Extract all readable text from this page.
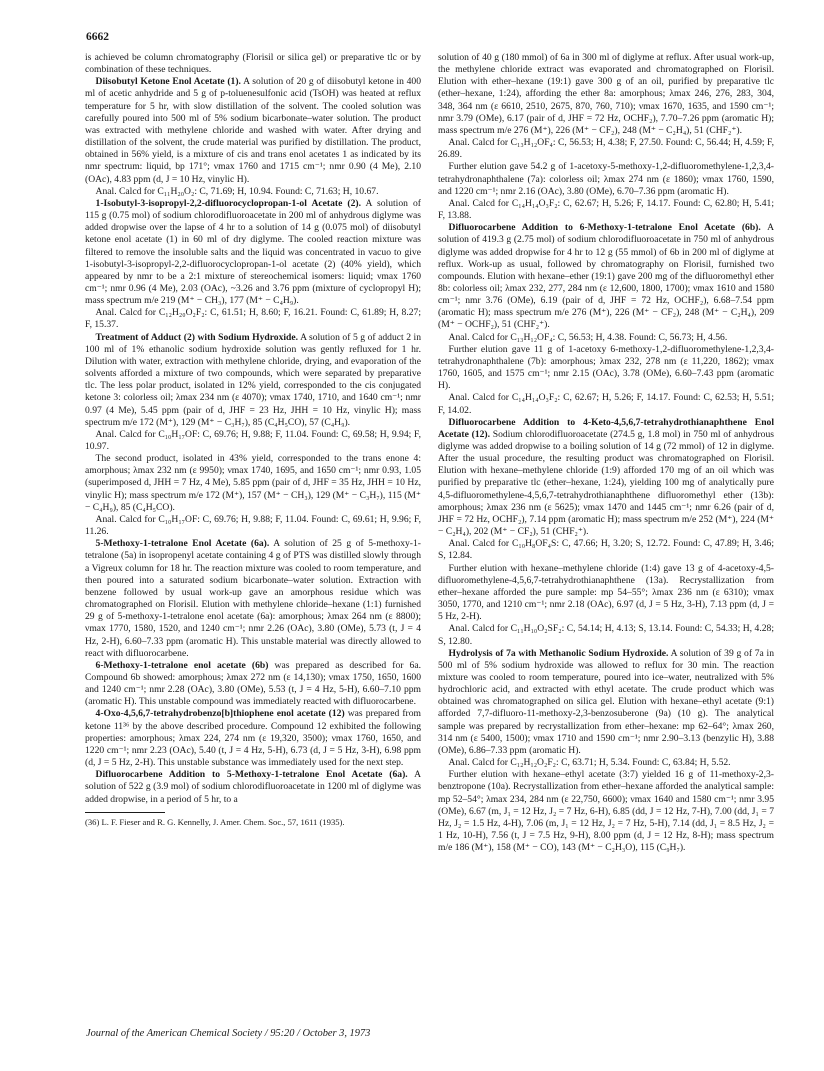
6662

is achieved be column chromatography (Florisil or silica gel) or preparative tlc or by combination of these techniques.

Diisobutyl Ketone Enol Acetate (1). A solution of 20 g of diisobutyl ketone in 400 ml of acetic anhydride and 5 g of p-toluenesulfonic acid (TsOH) was heated at reflux temperature for 5 hr, with slow distillation of the solvent. The cooled solution was carefully poured into 500 ml of 5% sodium bicarbonate–water solution. The product was extracted with methylene chloride and washed with water. After drying and distillation of the solvent, the crude material was purified by distillation. The product, obtained in 56% yield, is a mixture of cis and trans enol acetates 1 as indicated by its nmr spectrum: liquid, bp 171°; νmax 1760 and 1715 cm⁻¹; nmr 0.90 (4 Me), 2.10 (OAc), 4.83 ppm (d, J = 10 Hz, vinylic H).

Anal. Calcd for C₁₁H₂₀O₂: C, 71.69; H, 10.94. Found: C, 71.63; H, 10.67.

1-Isobutyl-3-isopropyl-2,2-difluorocyclopropan-1-ol Acetate (2). A solution of 115 g (0.75 mol) of sodium chlorodifluoroacetate in 200 ml of anhydrous diglyme was added dropwise over the lapse of 4 hr to a solution of 14 g (0.075 mol) of diisobutyl ketone enol acetate (1) in 60 ml of dry diglyme. The cooled reaction mixture was filtered to remove the insoluble salts and the liquid was concentrated in vacuo to give 1-isobutyl-3-isopropyl-2,2-difluorocyclopropan-1-ol acetate (2) (40% yield), which appeared by nmr to be a 2:1 mixture of stereochemical isomers: liquid; νmax 1760 cm⁻¹; nmr 0.96 (4 Me), 2.03 (OAc), ~3.26 and 3.76 ppm (mixture of cyclopropyl H); mass spectrum m/e 219 (M⁺ − CH₃), 177 (M⁺ − C₄H₉).

Anal. Calcd for C₁₂H₂₀O₂F₂: C, 61.51; H, 8.60; F, 16.21. Found: C, 61.89; H, 8.27; F, 15.37.

Treatment of Adduct (2) with Sodium Hydroxide. A solution of 5 g of adduct 2 in 100 ml of 1% ethanolic sodium hydroxide solution was gently refluxed for 1 hr. Dilution with water, extraction with methylene chloride, drying, and evaporation of the solvents afforded a mixture of two compounds, which were separated by preparative tlc. The less polar product, isolated in 12% yield, corresponded to the cis conjugated ketone 3: colorless oil; λmax 234 nm (ε 4070); νmax 1740, 1710, and 1640 cm⁻¹; nmr 0.97 (4 Me), 5.45 ppm (pair of d, JHF = 23 Hz, JHH = 10 Hz, vinylic H); mass spectrum m/e 172 (M⁺), 129 (M⁺ − C₃H₇), 85 (C₄H₅CO), 57 (C₄H₉).

Anal. Calcd for C₁₀H₁₇OF: C, 69.76; H, 9.88; F, 11.04. Found: C, 69.58; H, 9.94; F, 10.97.

The second product, isolated in 43% yield, corresponded to the trans enone 4: amorphous; λmax 232 nm (ε 9950); νmax 1740, 1695, and 1650 cm⁻¹; nmr 0.93, 1.05 (superimposed d, JHH = 7 Hz, 4 Me), 5.85 ppm (pair of d, JHF = 35 Hz, JHH = 10 Hz, vinylic H); mass spectrum m/e 172 (M⁺), 157 (M⁺ − CH₃), 129 (M⁺ − C₃H₇), 115 (M⁺ − C₄H₉), 85 (C₄H₅CO).

Anal. Calcd for C₁₀H₁₇OF: C, 69.76; H, 9.88; F, 11.04. Found: C, 69.61; H, 9.96; F, 11.26.

5-Methoxy-1-tetralone Enol Acetate (6a). A solution of 25 g of 5-methoxy-1-tetralone (5a) in isopropenyl acetate containing 4 g of PTS was distilled slowly through a Vigreux column for 18 hr. The reaction mixture was cooled to room temperature, and then poured into a saturated sodium bicarbonate–water solution. Extraction with benzene followed by usual work-up gave an amorphous residue which was chromatographed on Florisil. Elution with methylene chloride–hexane (1:1) furnished 29 g of 5-methoxy-1-tetralone enol acetate (6a): amorphous; λmax 264 nm (ε 8800); νmax 1770, 1580, 1520, and 1240 cm⁻¹; nmr 2.26 (OAc), 3.80 (OMe), 5.73 (t, J = 4 Hz, 2-H), 6.60–7.33 ppm (aromatic H). This unstable material was directly allowed to react with difluorocarbene.

6-Methoxy-1-tetralone enol acetate (6b) was prepared as described for 6a. Compound 6b showed: amorphous; λmax 272 nm (ε 14,130); νmax 1750, 1650, 1600 and 1240 cm⁻¹; nmr 2.28 (OAc), 3.80 (OMe), 5.53 (t, J = 4 Hz, 5-H), 6.60–7.10 ppm (aromatic H). This unstable compound was immediately reacted with difluorocarbene.

4-Oxo-4,5,6,7-tetrahydrobenzo[b]thiophene enol acetate (12) was prepared from ketone 11³⁶ by the above described procedure. Compound 12 exhibited the following properties: amorphous; λmax 224, 274 nm (ε 19,320, 3500); νmax 1760, 1650, and 1220 cm⁻¹; nmr 2.23 (OAc), 5.40 (t, J = 4 Hz, 5-H), 6.73 (d, J = 5 Hz, 3-H), 6.98 ppm (d, J = 5 Hz, 2-H). This unstable substance was immediately used for the next step.

Difluorocarbene Addition to 5-Methoxy-1-tetralone Enol Acetate (6a). A solution of 522 g (3.9 mol) of sodium chlorodifluoroacetate in 1200 ml of diglyme was added dropwise, in a period of 5 hr, to a

(36) L. F. Fieser and R. G. Kennelly, J. Amer. Chem. Soc., 57, 1611 (1935).

solution of 40 g (180 mmol) of 6a in 300 ml of diglyme at reflux. After usual work-up, the methylene chloride extract was evaporated and chromatographed on Florisil. Elution with ether–hexane (19:1) gave 300 g of an oil, purified by preparative tlc (ether–hexane, 1:24), affording the ether 8a: amorphous; λmax 246, 276, 283, 304, 348, 364 nm (ε 6610, 2510, 2675, 870, 760, 710); νmax 1670, 1635, and 1590 cm⁻¹; nmr 3.79 (OMe), 6.17 (pair of d, JHF = 72 Hz, OCHF₂), 7.70–7.26 ppm (aromatic H); mass spectrum m/e 276 (M⁺), 226 (M⁺ − CF₂), 248 (M⁺ − C₂H₄), 51 (CHF₂⁺).

Anal. Calcd for C₁₃H₁₂OF₄: C, 56.53; H, 4.38; F, 27.50. Found: C, 56.44; H, 4.59; F, 26.89.

Further elution gave 54.2 g of 1-acetoxy-5-methoxy-1,2-difluoromethylene-1,2,3,4-tetrahydronaphthalene (7a): colorless oil; λmax 274 nm (ε 1860); νmax 1760, 1590, and 1220 cm⁻¹; nmr 2.16 (OAc), 3.80 (OMe), 6.70–7.36 ppm (aromatic H).

Anal. Calcd for C₁₄H₁₄O₃F₂: C, 62.67; H, 5.26; F, 14.17. Found: C, 62.80; H, 5.41; F, 13.88.

Difluorocarbene Addition to 6-Methoxy-1-tetralone Enol Acetate (6b). A solution of 419.3 g (2.75 mol) of sodium chlorodifluoroacetate in 750 ml of anhydrous diglyme was added dropwise for 4 hr to 12 g (55 mmol) of 6b in 200 ml of diglyme at reflux. Work-up as usual, followed by chromatography on Florisil, furnished two compounds. Elution with hexane–ether (19:1) gave 200 mg of the difluoromethyl ether 8b: colorless oil; λmax 232, 277, 284 nm (ε 12,600, 1800, 1700); νmax 1610 and 1580 cm⁻¹; nmr 3.76 (OMe), 6.19 (pair of d, JHF = 72 Hz, OCHF₂), 6.68–7.54 ppm (aromatic H); mass spectrum m/e 276 (M⁺), 226 (M⁺ − CF₂), 248 (M⁺ − C₂H₄), 209 (M⁺ − OCHF₂), 51 (CHF₂⁺).

Anal. Calcd for C₁₃H₁₂OF₄: C, 56.53; H, 4.38. Found: C, 56.73; H, 4.56.

Further elution gave 11 g of 1-acetoxy 6-methoxy-1,2-difluoromethylene-1,2,3,4-tetrahydronaphthalene (7b): amorphous; λmax 232, 278 nm (ε 11,220, 1862); νmax 1760, 1605, and 1575 cm⁻¹; nmr 2.15 (OAc), 3.78 (OMe), 6.60–7.43 ppm (aromatic H).

Anal. Calcd for C₁₄H₁₄O₃F₂: C, 62.67; H, 5.26; F, 14.17. Found: C, 62.53; H, 5.51; F, 14.02.

Difluorocarbene Addition to 4-Keto-4,5,6,7-tetrahydrothianaphthene Enol Acetate (12). Sodium chlorodifluoroacetate (274.5 g, 1.8 mol) in 750 ml of anhydrous diglyme was added dropwise to a boiling solution of 14 g (72 mmol) of 12 in diglyme. After the usual procedure, the resulting product was chromatographed on Florisil. Elution with hexane–methylene chloride (1:9) afforded 170 mg of an oil which was purified by preparative tlc (ether–hexane, 1:24), yielding 100 mg of analytically pure 4,5-difluoromethylene-4,5,6,7-tetrahydrothianaphthene difluoromethyl ether (13b): amorphous; λmax 236 nm (ε 5625); νmax 1470 and 1445 cm⁻¹; nmr 6.26 (pair of d, JHF = 72 Hz, OCHF₂), 7.14 ppm (aromatic H); mass spectrum m/e 252 (M⁺), 224 (M⁺ − C₂H₄), 202 (M⁺ − CF₂), 51 (CHF₂⁺).

Anal. Calcd for C₁₀H₈OF₄S: C, 47.66; H, 3.20; S, 12.72. Found: C, 47.89; H, 3.46; S, 12.84.

Further elution with hexane–methylene chloride (1:4) gave 13 g of 4-acetoxy-4,5-difluoromethylene-4,5,6,7-tetrahydrothianaphthene (13a). Recrystallization from ether–hexane afforded the pure sample: mp 54–55°; λmax 236 nm (ε 6310); νmax 3050, 1770, and 1210 cm⁻¹; nmr 2.18 (OAc), 6.97 (d, J = 5 Hz, 3-H), 7.13 ppm (d, J = 5 Hz, 2-H).

Anal. Calcd for C₁₁H₁₀O₂SF₂: C, 54.14; H, 4.13; S, 13.14. Found: C, 54.33; H, 4.28; S, 12.80.

Hydrolysis of 7a with Methanolic Sodium Hydroxide. A solution of 39 g of 7a in 500 ml of 5% sodium hydroxide was allowed to reflux for 30 min. The reaction mixture was cooled to room temperature, poured into ice–water, neutralized with 5% hydrochloric acid, and extracted with ethyl acetate. The crude product which was obtained was chromatographed on silica gel. Elution with hexane–ethyl acetate (9:1) afforded 7,7-difluoro-11-methoxy-2,3-benzosuberone (9a) (10 g). The analytical sample was prepared by recrystallization from ether–hexane: mp 62–64°; λmax 260, 314 nm (ε 5400, 1500); νmax 1710 and 1590 cm⁻¹; nmr 2.90–3.13 (benzylic H), 3.88 (OMe), 6.86–7.33 ppm (aromatic H).

Anal. Calcd for C₁₂H₁₂O₂F₂: C, 63.71; H, 5.34. Found: C, 63.84; H, 5.52.

Further elution with hexane–ethyl acetate (3:7) yielded 16 g of 11-methoxy-2,3-benztropone (10a). Recrystallization from ether–hexane afforded the analytical sample: mp 52–54°; λmax 234, 284 nm (ε 22,750, 6600); νmax 1640 and 1580 cm⁻¹; nmr 3.95 (OMe), 6.67 (m, J₁ = 12 Hz, J₂ = 7 Hz, 6-H), 6.85 (dd, J = 12 Hz, 7-H), 7.00 (dd, J₁ = 7 Hz, J₂ = 1.5 Hz, 4-H), 7.06 (m, J₁ = 12 Hz, J₂ = 7 Hz, 5-H), 7.14 (dd, J₁ = 8.5 Hz, J₂ = 1 Hz, 10-H), 7.56 (t, J = 7.5 Hz, 9-H), 8.00 ppm (d, J = 12 Hz, 8-H); mass spectrum m/e 186 (M⁺), 158 (M⁺ − CO), 143 (M⁺ − C₂H₃O), 115 (C₉H₇).

Journal of the American Chemical Society / 95:20 / October 3, 1973
